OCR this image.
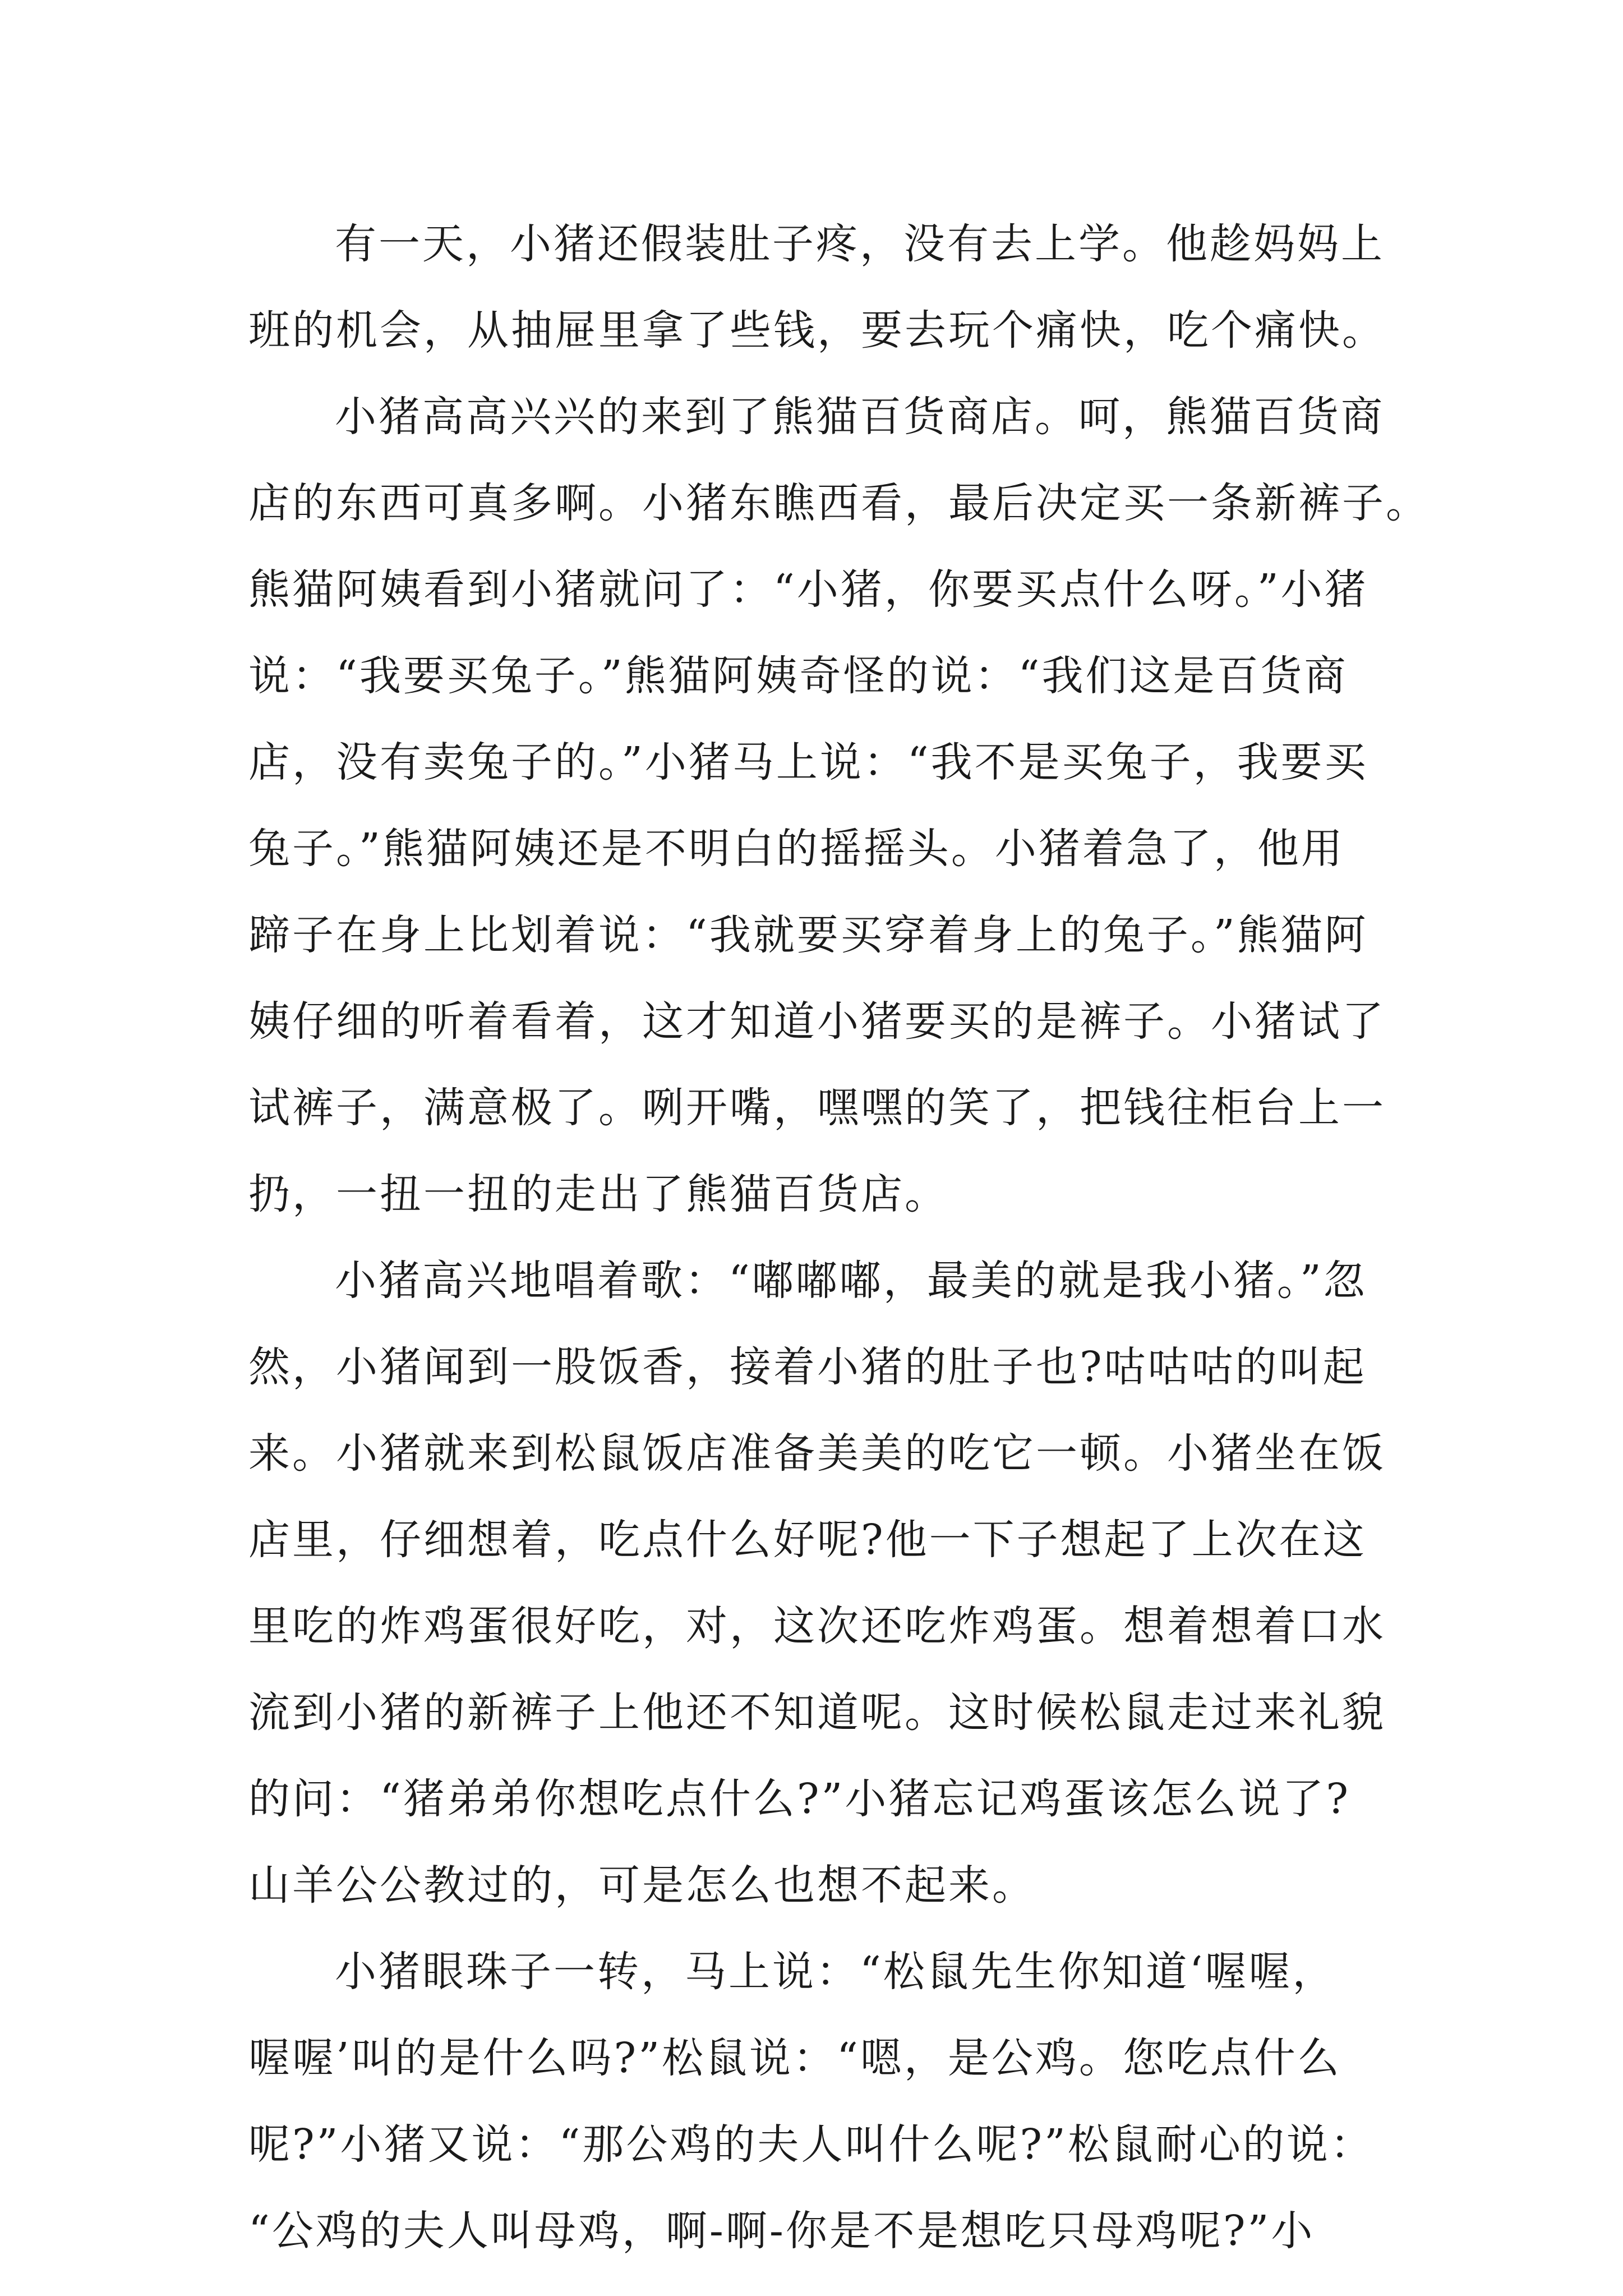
有一天，小猪还假装肚子疼，没有去上学。他趁妈妈上
班的机会，从抽屉里拿了些钱，要去玩个痛快，吃个痛快。
小猪高高兴兴的来到了熊猫百货商店。呵，熊猫百货商
店的东西可真多啊。小猪东瞧西看，最后决定买一条新裤子。
熊猫阿姨看到小猪就问了：“小猪，你要买点什么呀。”小猪
说：“我要买兔子。”熊猫阿姨奇怪的说：“我们这是百货商
店，没有卖兔子的。”小猪马上说：“我不是买兔子，我要买
兔子。”熊猫阿姨还是不明白的摇摇头。小猪着急了，他用
蹄子在身上比划着说：“我就要买穿着身上的兔子。”熊猫阿
姨仔细的听着看着，这才知道小猪要买的是裤子。小猪试了
试裤子，满意极了。咧开嘴，嘿嘿的笑了，把钱往柜台上一
扔，一扭一扭的走出了熊猫百货店。
小猪高兴地唱着歌：“嘟嘟嘟，最美的就是我小猪。”忽
然，小猪闻到一股饭香，接着小猪的肚子也?咕咕咕的叫起
来。小猪就来到松鼠饭店准备美美的吃它一顿。小猪坐在饭
店里，仔细想着，吃点什么好呢?他一下子想起了上次在这
里吃的炸鸡蛋很好吃，对，这次还吃炸鸡蛋。想着想着口水
流到小猪的新裤子上他还不知道呢。这时候松鼠走过来礼貌
的问：“猪弟弟你想吃点什么?”小猪忘记鸡蛋该怎么说了?
山羊公公教过的，可是怎么也想不起来。
小猪眼珠子一转，马上说：“松鼠先生你知道‘喔喔，
喔喔’叫的是什么吗?”松鼠说：“嗯，是公鸡。您吃点什么
呢?”小猪又说：“那公鸡的夫人叫什么呢?”松鼠耐心的说：
“公鸡的夫人叫母鸡，啊-啊-你是不是想吃只母鸡呢?”小
